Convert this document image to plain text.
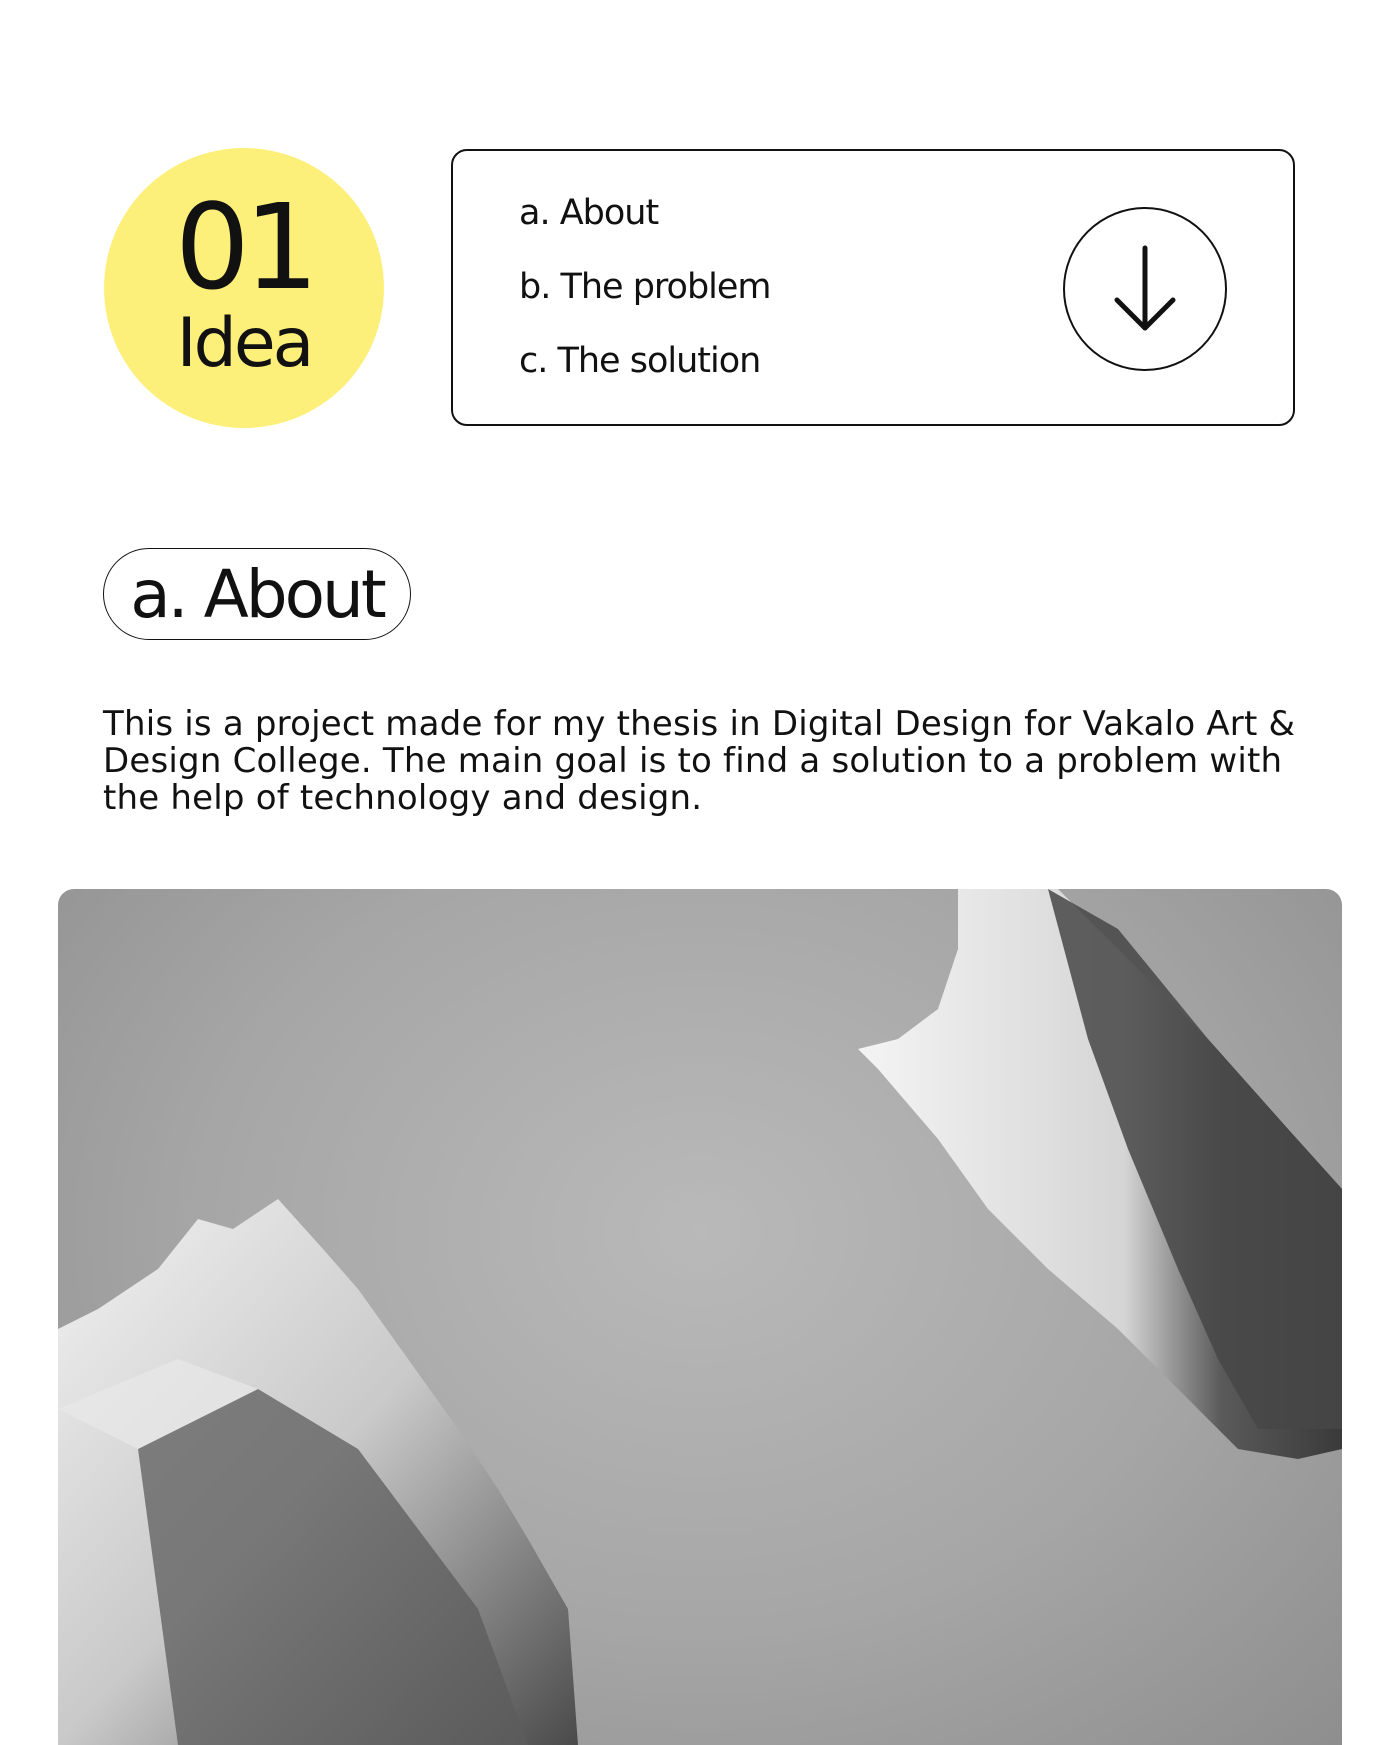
01
Idea
a. About
b. The problem
c. The solution
a. About

This is a project made for my thesis in Digital Design for Vakalo Art & Design College. The main goal is to find a solution to a problem with the help of technology and design.
